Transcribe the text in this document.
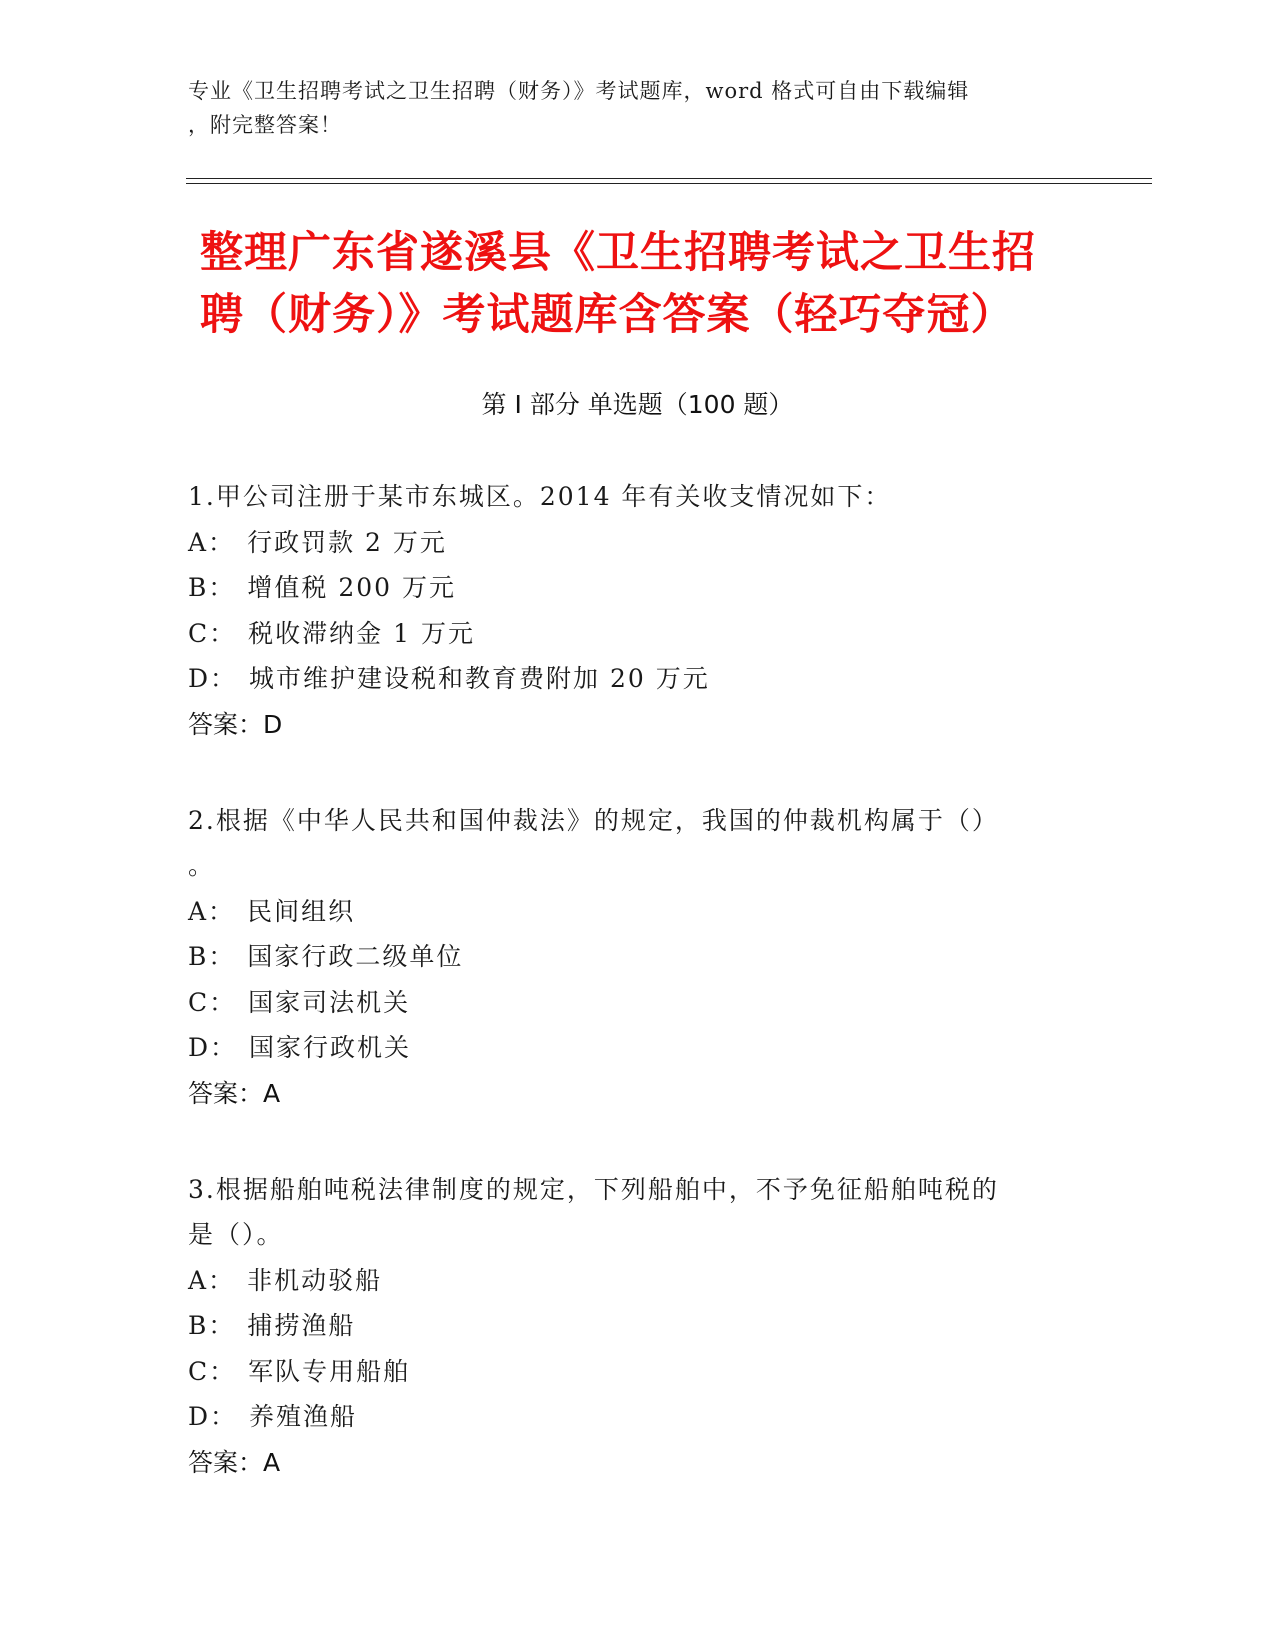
专业《卫生招聘考试之卫生招聘（财务）》考试题库，word 格式可自由下载编辑
，附完整答案！
整理广东省遂溪县《卫生招聘考试之卫生招
聘（财务）》考试题库含答案（轻巧夺冠）
第 I 部分 单选题（100 题）
1.甲公司注册于某市东城区。2014 年有关收支情况如下：
A： 行政罚款 2 万元
B： 增值税 200 万元
C： 税收滞纳金 1 万元
D： 城市维护建设税和教育费附加 20 万元
答案：D
2.根据《中华人民共和国仲裁法》的规定，我国的仲裁机构属于（）
。
A： 民间组织
B： 国家行政二级单位
C： 国家司法机关
D： 国家行政机关
答案：A
3.根据船舶吨税法律制度的规定，下列船舶中，不予免征船舶吨税的
是（）。
A： 非机动驳船
B： 捕捞渔船
C： 军队专用船舶
D： 养殖渔船
答案：A
